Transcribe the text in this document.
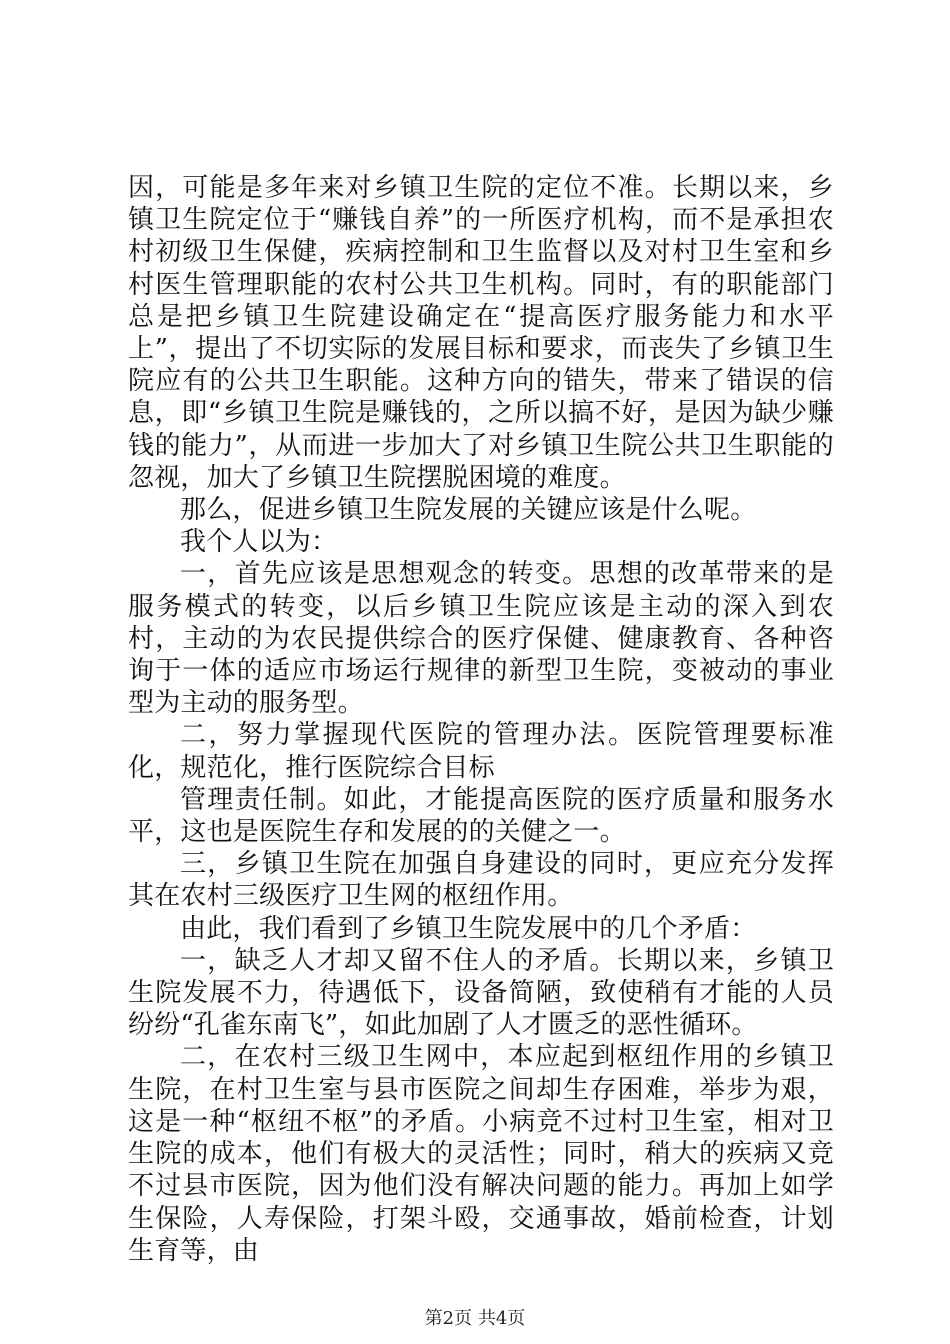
因，可能是多年来对乡镇卫生院的定位不准。长期以来，乡镇卫生院定位于“赚钱自养”的一所医疗机构，而不是承担农村初级卫生保健，疾病控制和卫生监督以及对村卫生室和乡村医生管理职能的农村公共卫生机构。同时，有的职能部门总是把乡镇卫生院建设确定在“提高医疗服务能力和水平上”，提出了不切实际的发展目标和要求，而丧失了乡镇卫生院应有的公共卫生职能。这种方向的错失，带来了错误的信息，即“乡镇卫生院是赚钱的，之所以搞不好，是因为缺少赚钱的能力”，从而进一步加大了对乡镇卫生院公共卫生职能的忽视，加大了乡镇卫生院摆脱困境的难度。

那么，促进乡镇卫生院发展的关键应该是什么呢。

我个人以为：

一，首先应该是思想观念的转变。思想的改革带来的是服务模式的转变，以后乡镇卫生院应该是主动的深入到农村，主动的为农民提供综合的医疗保健、健康教育、各种咨询于一体的适应市场运行规律的新型卫生院，变被动的事业型为主动的服务型。

二，努力掌握现代医院的管理办法。医院管理要标准化，规范化，推行医院综合目标

管理责任制。如此，才能提高医院的医疗质量和服务水平，这也是医院生存和发展的的关健之一。

三，乡镇卫生院在加强自身建设的同时，更应充分发挥其在农村三级医疗卫生网的枢纽作用。

由此，我们看到了乡镇卫生院发展中的几个矛盾：

一，缺乏人才却又留不住人的矛盾。长期以来，乡镇卫生院发展不力，待遇低下，设备简陋，致使稍有才能的人员纷纷“孔雀东南飞”，如此加剧了人才匮乏的恶性循环。

二，在农村三级卫生网中，本应起到枢纽作用的乡镇卫生院，在村卫生室与县市医院之间却生存困难，举步为艰，这是一种“枢纽不枢”的矛盾。小病竞不过村卫生室，相对卫生院的成本，他们有极大的灵活性；同时，稍大的疾病又竞不过县市医院，因为他们没有解决问题的能力。再加上如学生保险，人寿保险，打架斗殴，交通事故，婚前检查，计划生育等，由

第2页 共4页
